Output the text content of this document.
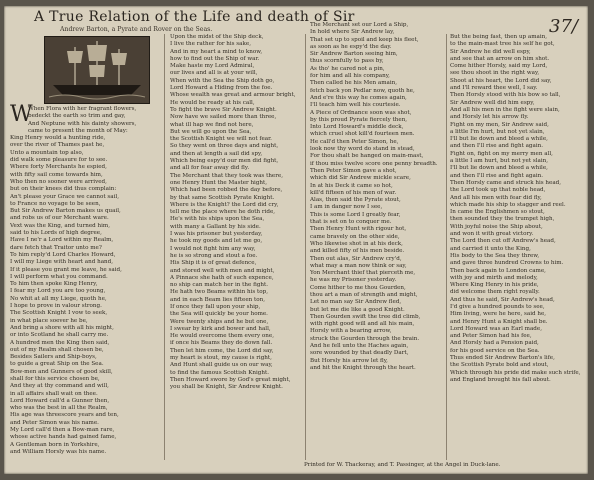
A True Relation of the Life and death of Sir
Andrew Barton, a Pyrate and Rover on the Seas.	37/
W
When Flora with her fragrant flowers,
bedeckt the earth so trim and gay,
And Neptune with his dainty showers,
came to present the month of May:
King Henry would a hunting ride,
over the river of Thames past he,
Unto a mountain top also,
did walk some pleasure for to see.
Where forty Merchants he espied,
with fifty sail come towards him,
Who then no sooner were arrived,
but on their knees did thus complain:
An't please your Grace we cannot sail,
to France no voyage to be seen,
But Sir Andrew Barton makes us quail,
and robs us of our Merchant ware.
Vext was the King, and turned him,
said to his Lords of high degree,
Have I ne'r a Lord within my Realm,
dare fetch that Traitor unto me?
To him reply'd Lord Charles Howard,
I will my Liege with heart and hand,
If it please you grant me leave, he said,
I will perform what you command.
To him then spoke King Henry,
I fear my Lord you are too young,
No whit at all my Liege, quoth he,
I hope to prove in valour strong.
The Scottish Knight I vow to seek,
in what place soever he be,
And bring a shore with all his might,
or into Scotland he shall carry me.
A hundred men the King then said,
out of my Realm shall chosen be,
Besides Sailers and Ship-boys,
to guide a great Ship on the Sea.
Bow-men and Gunners of good skill,
shall for this service chosen be,
And they at thy command and will,
in all affairs shall wait on thee.
Lord Howard call'd a Gunner then,
who was the best in all the Realm,
His age was threescore years and ten,
and Peter Simon was his name.
My Lord call'd then a Bow-man rare,
whose active hands had gained fame,
A Gentleman born in Yorkshire,
and William Horsly was his name.
Upon the midst of the Ship deck,
I live the rather for his sake,
And in my heart a mind to know,
how to find out the Ship of war.
Make haste my Lord Admiral,
our lives and all is at your will,
When with the Sea the Ship doth go,
Lord Howard a Hiding from the foe.
Whose wealth was great and armour bright,
He would be ready at his call,
To fight the brave Sir Andrew Knight.
Now have we sailed more than three,
what ill hap we find not here,
But we will go upon the Sea,
the Scottish Knight we will not fear.
So they went on three days and night,
and then at length a sail did spy,
Which being espy'd our men did fight,
and all for fear away did fly.
The Merchant that they took was there,
one Henry Hunt the Master hight,
Which had been robbed the day before,
by that same Scottish Pyrate Knight.
Where is the Knight? the Lord did cry,
tell me the place where he doth ride,
He's with his ships upon the Sea,
with many a Gallant by his side.
I was his prisoner but yesterday,
he took my goods and let me go,
I would not fight him any way,
he is so strong and stout a foe.
His Ship it is of great defence,
and stored well with men and might,
A Pinnace she hath of such expence,
no ship can match her in the fight.
He hath two Beams within his top,
and in each Beam lies fifteen ton,
If once they fall upon your ship,
the Sea will quickly be your home.
Were twenty ships and he but one,
I swear by kirk and bower and hall,
He would overcome them every one,
if once his Beams they do down fall.
Then let him come, the Lord did say,
my heart is stout, my cause is right,
And Hunt shall guide us on our way,
to find the famous Scottish Knight.
Then Howard swore by God's great might,
you shall be Knight, Sir Andrew Knight.
The Merchant set our Lord a Ship,
In hold where Sir Andrew lay,
That set up to spoil and keep his fleet,
as soon as he espy'd the day.
Sir Andrew Barton seeing him,
thus scornfully to pass by,
As tho' he cared not a pin,
for him and all his company,
Then called he his Men amain,
fetch back yon Pedlar now, quoth he,
And e're this way he comes again,
I'll teach him well his courtesie.
A Piece of Ordnance soon was shot,
by this proud Pyrate fiercely then,
Into Lord Howard's middle deck,
which cruel shot kill'd fourteen men.
He call'd then Peter Simon, he,
look now thy word do stand in stead,
For thou shalt be hanged on main-mast,
if thou miss twelve score one penny breadth.
Then Peter Simon gave a shot,
which did Sir Andrew mickle scare,
In at his Deck it came so hot,
kill'd fifteen of his men of war.
Alas, then said the Pyrate stout,
I am in danger now I see,
This is some Lord I greatly fear,
that is set on to conquer me.
Then Henry Hunt with rigour hot,
came bravely on the other side,
Who likewise shot in at his deck,
and killed fifty of his men beside.
Then out alas, Sir Andrew cry'd,
what may a man now think or say,
Yon Merchant thief that pierceth me,
he was my Prisoner yesterday.
Come hither to me thou Gourden,
thou art a man of strength and might,
Let no man say Sir Andrew fled,
but let me die like a good Knight.
Then Gourden swift the tree did climb,
with right good will and all his main,
Horsly with a bearing arrow,
struck the Gourden through the brain.
And he fell unto the Haches again,
sore wounded by that deadly Dart,
But Horsly his arrow let fly,
and hit the Knight through the heart.
But the being fast, then up amain,
to the main-mast tree his self he got,
Sir Andrew he did well espy,
and see that an arrow on him shot.
Come hither Horsly, said my Lord,
see thou shoot in the right way,
Shoot at his heart, the Lord did say,
and I'll reward thee well, I say.
Then Horsly stood with his bow so tall,
Sir Andrew well did him espy,
And all his men in the fight were slain,
and Horsly let his arrow fly.
Fight on my men, Sir Andrew said,
a little I'm hurt, but not yet slain,
I'll but lie down and bleed a while,
and then I'll rise and fight again.
Fight on, fight on my merry men all,
a little I am hurt, but not yet slain,
I'll but lie down and bleed a while,
and then I'll rise and fight again.
Then Horsly came and struck his head,
the Lord took up that noble head,
And all his men with fear did fly,
which made his ship to stagger and reel.
In came the Englishmen so stout,
then sounded they the trumpet high,
With joyful noise the Ship about,
and won it with great victory.
The Lord then cut off Andrew's head,
and carried it unto the King,
His body to the Sea they threw,
and gave three hundred Crowns to him.
Then back again to London came,
with joy and mirth and melody,
Where King Henry in his pride,
did welcome them right royally.
And thus he said, Sir Andrew's head,
I'd give a hundred pounds to see,
Him living, were he here, said he,
and Henry Hunt a Knight shall be.
Lord Howard was an Earl made,
and Peter Simon had his fee,
And Horsly had a Pension paid,
for his good service on the Sea.
Thus ended Sir Andrew Barton's life,
the Scottish Pyrate bold and stout,
Which through his pride did make such strife,
and England brought his fall about.
Printed for W. Thackeray, and T. Passinger, at the Angel in Duck-lane.
